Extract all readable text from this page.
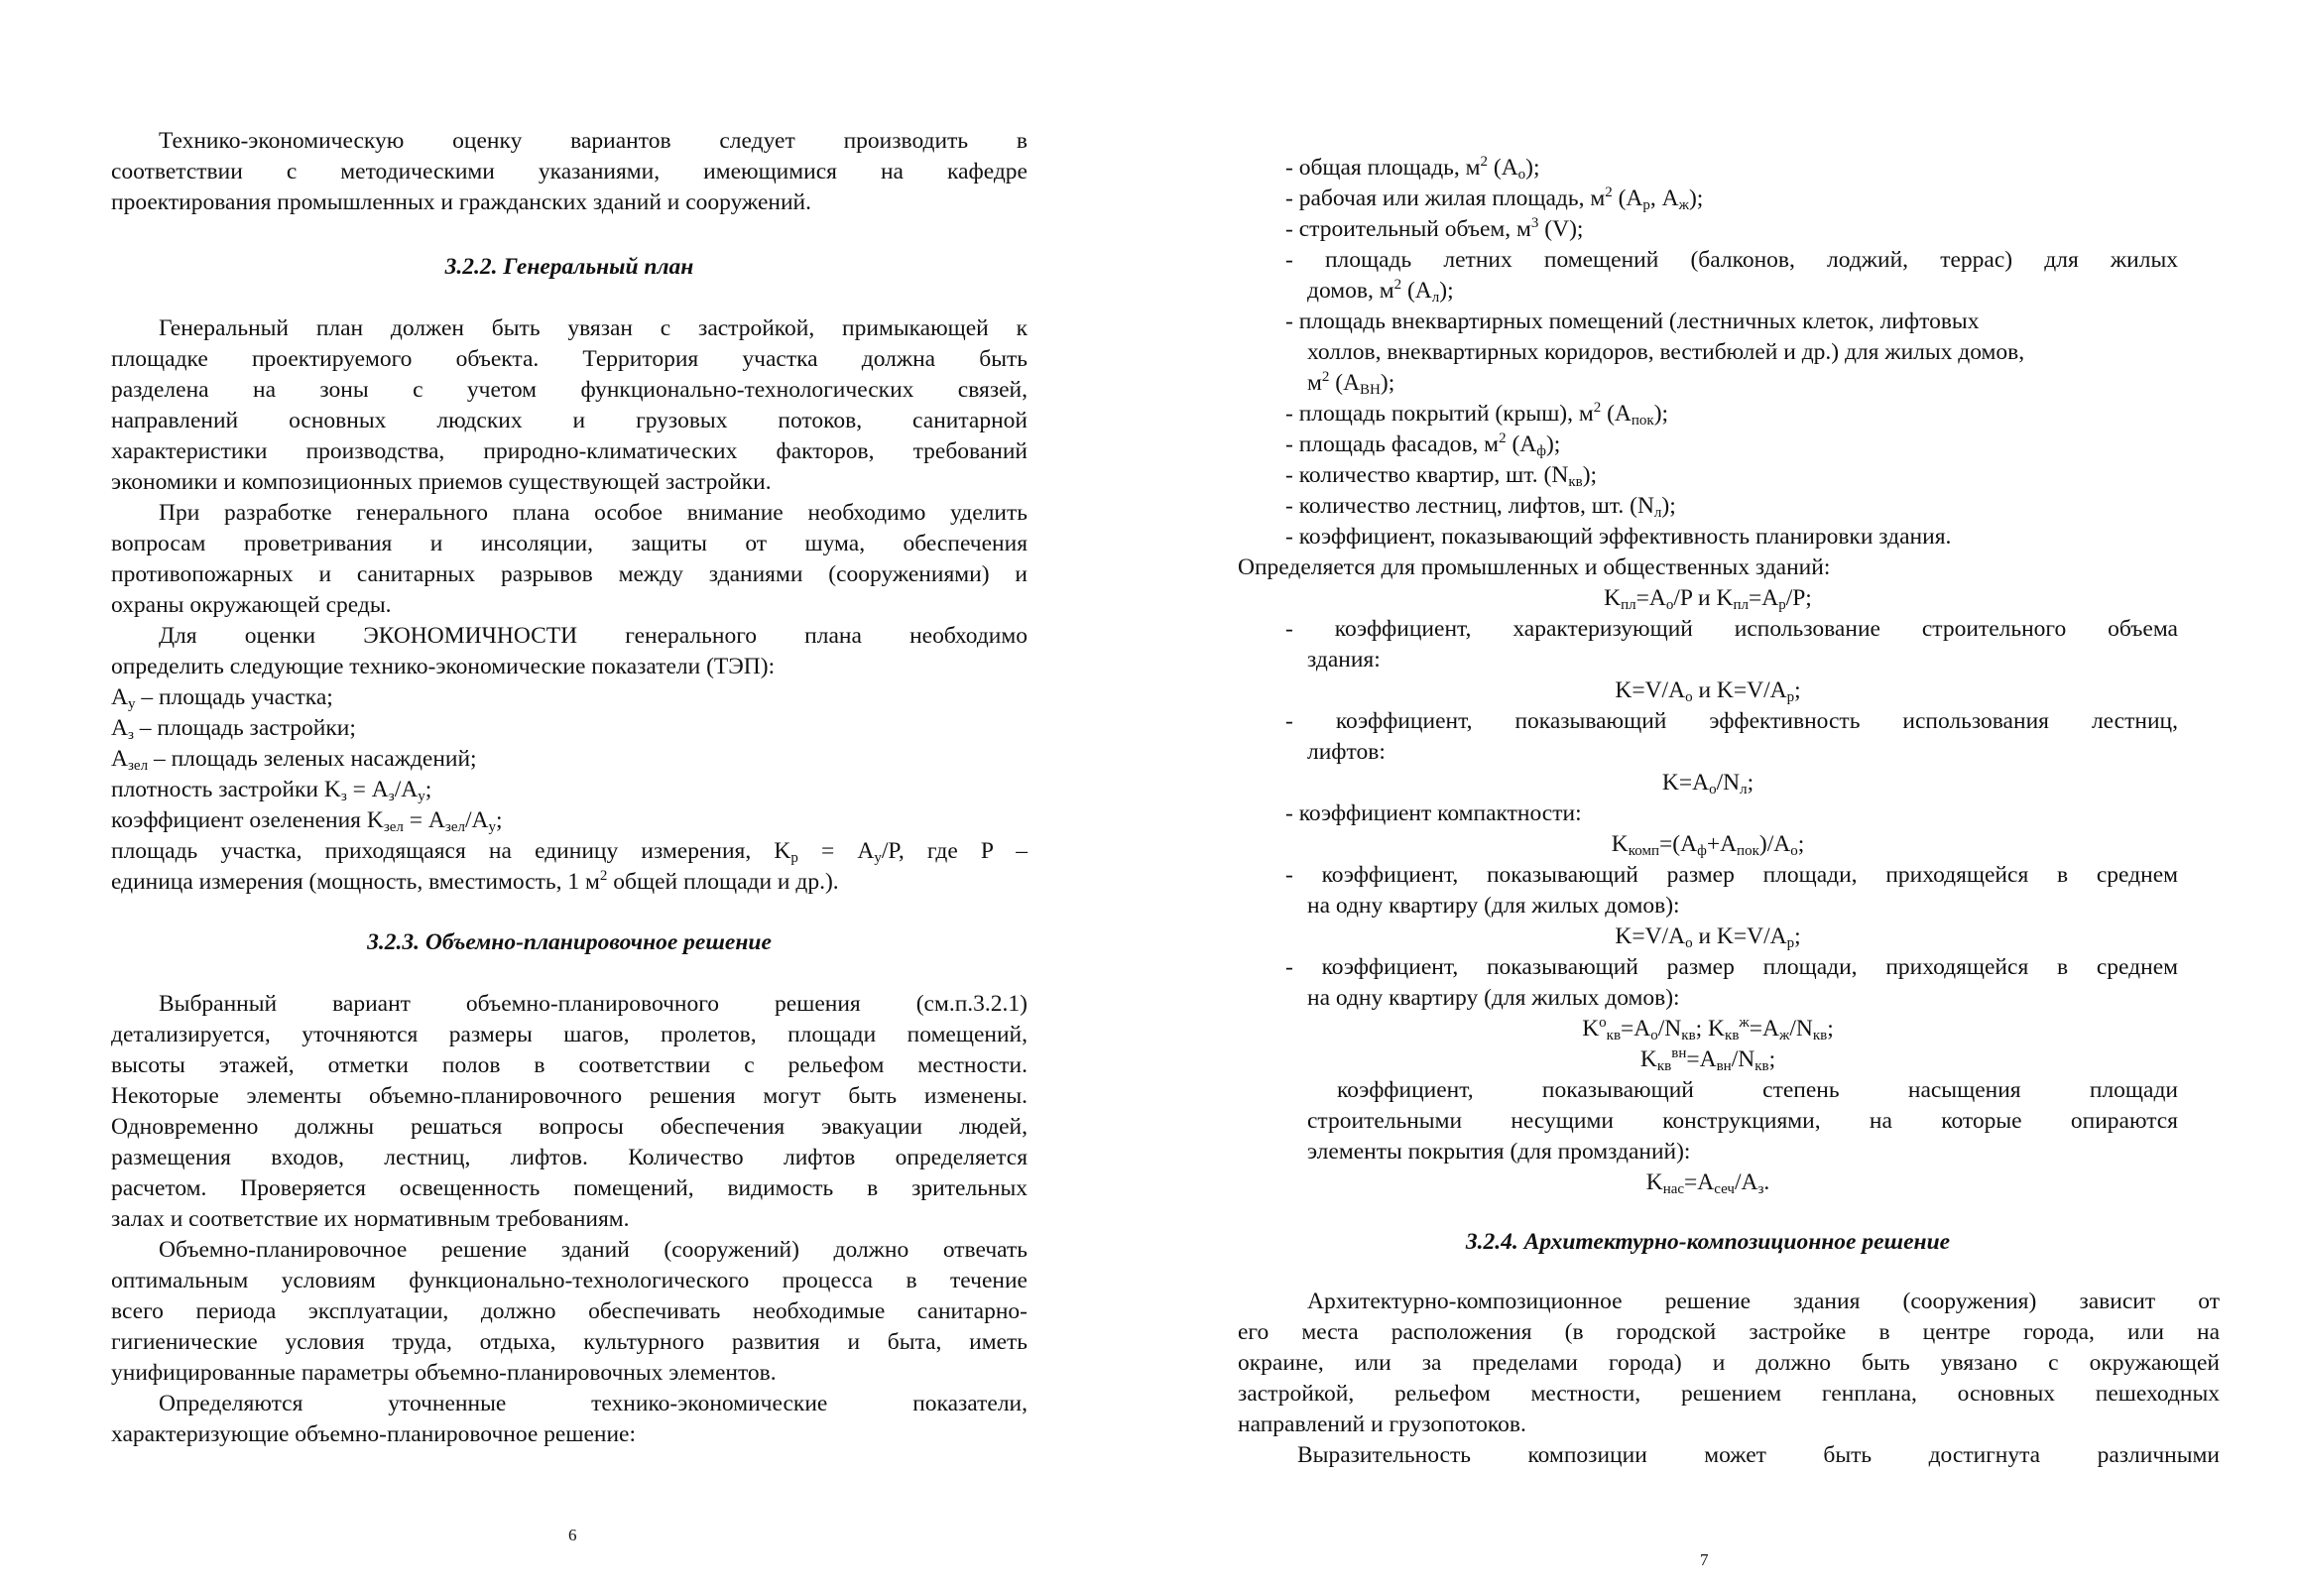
Технико-экономическую оценку вариантов следует производить в
соответствии с методическими указаниями, имеющимися на кафедре
проектирования промышленных и гражданских зданий и сооружений.
3.2.2. Генеральный план
Генеральный план должен быть увязан с застройкой, примыкающей к
площадке проектируемого объекта. Территория участка должна быть
разделена на зоны с учетом функционально-технологических связей,
направлений основных людских и грузовых потоков, санитарной
характеристики производства, природно-климатических факторов, требований
экономики и композиционных приемов существующей застройки.
При разработке генерального плана особое внимание необходимо уделить
вопросам проветривания и инсоляции, защиты от шума, обеспечения
противопожарных и санитарных разрывов между зданиями (сооружениями) и
охраны окружающей среды.
Для оценки ЭКОНОМИЧНОСТИ генерального плана необходимо
определить следующие технико-экономические показатели (ТЭП):
$A_у$ – площадь участка;
$A_з$ – площадь застройки;
$A_{зел}$ – площадь зеленых насаждений;
плотность застройки $K_з = A_з/A_у$;
коэффициент озеленения $K_{зел} = A_{зел}/A_у$;
площадь участка, приходящаяся на единицу измерения, $K_р = A_у/P$, где P –
единица измерения (мощность, вместимость, 1 $м^2$ общей площади и др.).
3.2.3. Объемно-планировочное решение
Выбранный вариант объемно-планировочного решения (см.п.3.2.1)
детализируется, уточняются размеры шагов, пролетов, площади помещений,
высоты этажей, отметки полов в соответствии с рельефом местности.
Некоторые элементы объемно-планировочного решения могут быть изменены.
Одновременно должны решаться вопросы обеспечения эвакуации людей,
размещения входов, лестниц, лифтов. Количество лифтов определяется
расчетом. Проверяется освещенность помещений, видимость в зрительных
залах и соответствие их нормативным требованиям.
Объемно-планировочное решение зданий (сооружений) должно отвечать
оптимальным условиям функционально-технологического процесса в течение
всего периода эксплуатации, должно обеспечивать необходимые санитарно-
гигиенические условия труда, отдыха, культурного развития и быта, иметь
унифицированные параметры объемно-планировочных элементов.
Определяются уточненные технико-экономические показатели,
характеризующие объемно-планировочное решение:
6
- общая площадь, $м^2$ $(A_о)$;
- рабочая или жилая площадь, $м^2$ ($A_р$, $A_ж$);
- строительный объем, $м^3$ (V);
- площадь летних помещений (балконов, лоджий, террас) для жилых
домов, $м^2$ $(A_л)$;
- площадь внеквартирных помещений (лестничных клеток, лифтовых
холлов, внеквартирных коридоров, вестибюлей и др.) для жилых домов,
$м^2$ $(A_{ВН})$;
- площадь покрытий (крыш), $м^2$ $(A_{пок})$;
- площадь фасадов, $м^2$ $(A_ф)$;
- количество квартир, шт. $(N_{кв})$;
- количество лестниц, лифтов, шт. $(N_л)$;
- коэффициент, показывающий эффективность планировки здания.
Определяется для промышленных и общественных зданий:
$K_{пл}=A_о/P$ и $K_{пл}=A_р/P$;
- коэффициент, характеризующий использование строительного объема
здания:
$K=V/A_о$ и $K=V/A_р$;
- коэффициент, показывающий эффективность использования лестниц,
лифтов:
$K=A_о/N_л$;
- коэффициент компактности:
$K_{комп}=(A_ф+A_{пок})/A_о$;
- коэффициент, показывающий размер площади, приходящейся в среднем
на одну квартиру (для жилых домов):
$K=V/A_о$ и $K=V/A_р$;
- коэффициент, показывающий размер площади, приходящейся в среднем
на одну квартиру (для жилых домов):
$K^о_{кв}=A_о/N_{кв}$; $K_{кв}^ж=A_ж/N_{кв}$;
$K_{кв}^{вн}=A_{вн}/N_{кв}$;
коэффициент, показывающий степень насыщения площади
строительными несущими конструкциями, на которые опираются
элементы покрытия (для промзданий):
$K_{нас}=A_{сеч}/A_з$.
3.2.4. Архитектурно-композиционное решение
Архитектурно-композиционное решение здания (сооружения) зависит от
его места расположения (в городской застройке в центре города, или на
окраине, или за пределами города) и должно быть увязано с окружающей
застройкой, рельефом местности, решением генплана, основных пешеходных
направлений и грузопотоков.
Выразительность композиции может быть достигнута различными
7
